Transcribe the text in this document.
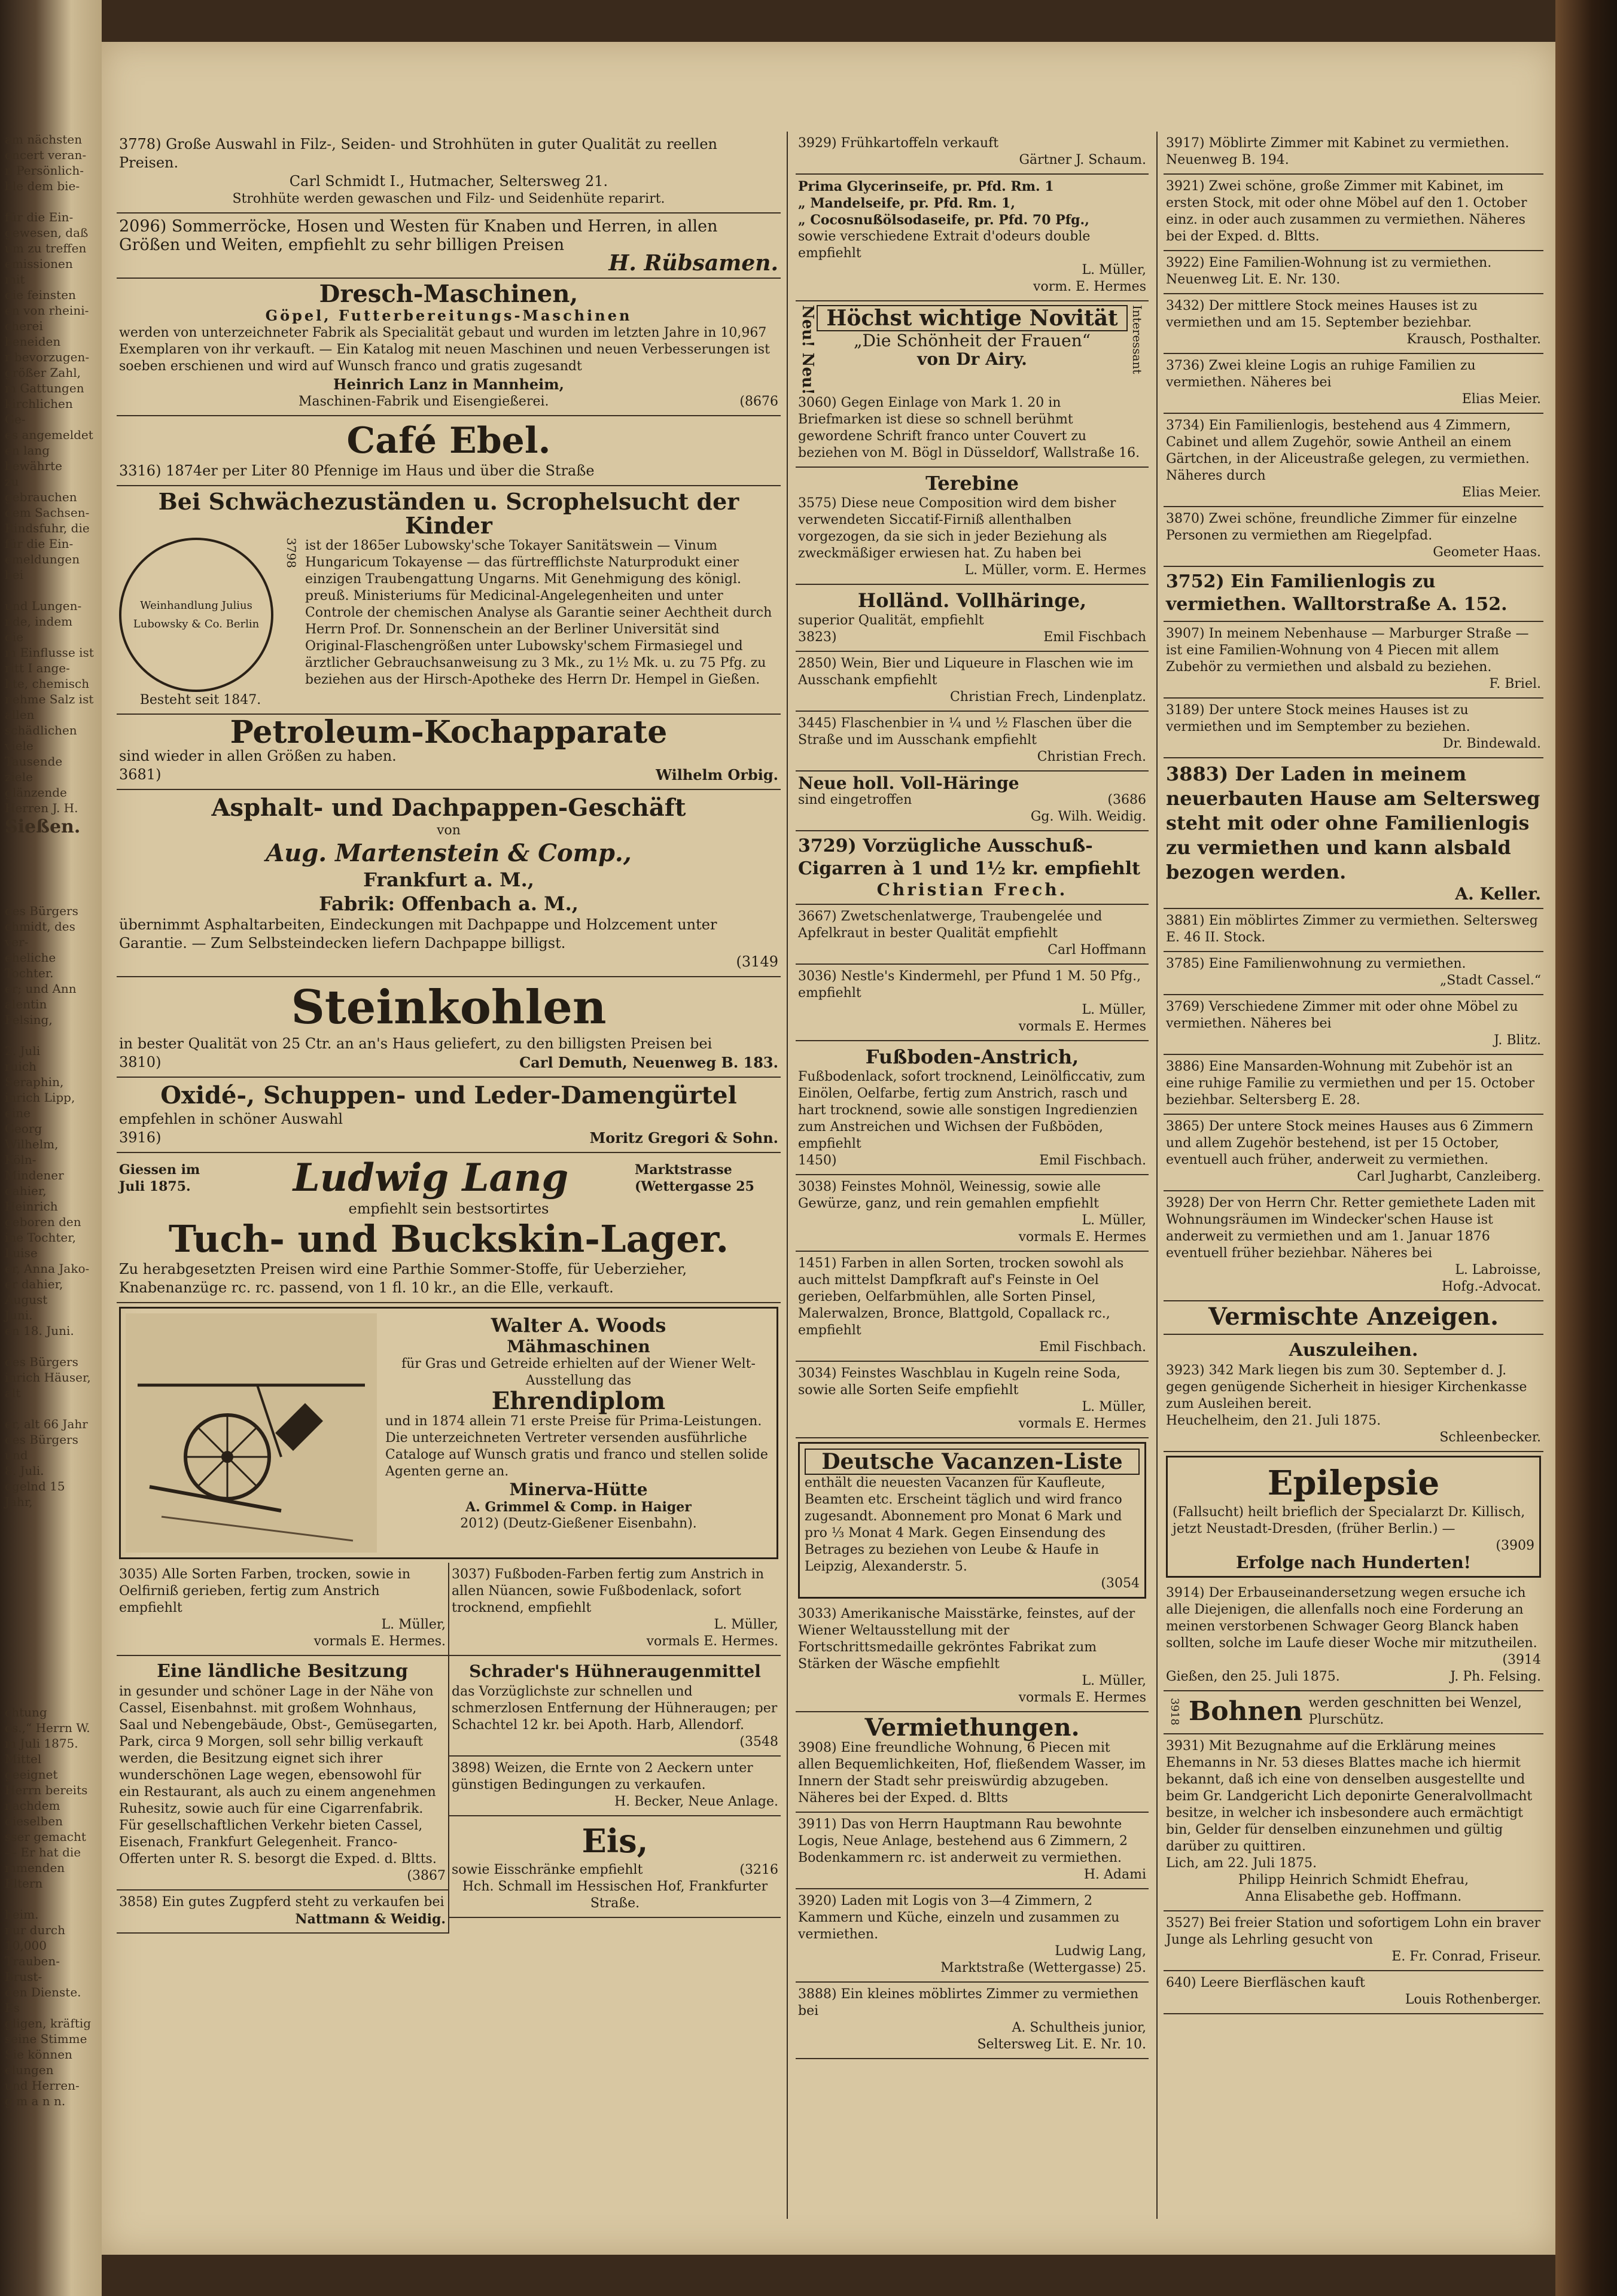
am nächsten
oncert veran-
n Persönlich-
ble dem bie-

für die Ein-
gewesen, daß
um zu treffen
emissionen mit
die feinsten
en von rheini-
cherei beneiden
r bevorzugen-
größer Zahl,
m Gattungen
kirchlichen Ge-
es angemeldet
en lang bewährte
zu gebrauchen
dem Sachsen-
Rindsfuhr, die
für die Ein-
emeldungen bei

und Lungen-
nde, indem die
m Einflusse ist
ritt I ange-
hte, chemisch
nehme Salz ist
allen schädlichen
viele Tausende
ziele glänzende
Herren J. H.
Sießen.
des Bürgers
chmidt, des ver-
eheliche Tochter.
er; und Ann
alentin Felsing,

2. Juli
ruich Seraphin,
inrich Lipp, eine
Georg Wilhelm,
Köln-Mindener
dahier, Heinrich
geboren den
ine Tochter, Luise
er, Anna Jako-
er dahier, August
Juni.
en 18. Juni.

des Bürgers
inrich Häuser, alt

er, alt 66 Jahr
des Bürgers und
8. Juli.
ogelnd 15 Jahr,
chtung
os.,“ Herrn W.
m Juli 1875.
Mittel geeignet
Herrn bereits
nachdem dieselben
sser gemacht
— Er hat die
mmenden Eltern

heim.
nur durch 10,000
Trauben-Brust-
den Dienste. Es
gligen, kräftig
seine Stimme
Sie können
elungen
und Herren-
g m a n n.

3778) Große Auswahl in Filz-, Seiden- und Strohhüten in guter Qualität zu reellen Preisen.

Carl Schmidt I., Hutmacher, Seltersweg 21.

Strohhüte werden gewaschen und Filz- und Seidenhüte reparirt.

2096) Sommerröcke, Hosen und Westen für Knaben und Herren, in allen Größen und Weiten, empfiehlt zu sehr billigen Preisen

H. Rübsamen.

Dresch-Maschinen,
Göpel, Futterbereitungs-Maschinen

werden von unterzeichneter Fabrik als Specialität gebaut und wurden im letzten Jahre in 10,967 Exemplaren von ihr verkauft. — Ein Katalog mit neuen Maschinen und neuen Verbesserungen ist soeben erschienen und wird auf Wunsch franco und gratis zugesandt

Heinrich Lanz in Mannheim,

Maschinen-Fabrik und Eisengießerei.	(8676
Café Ebel.

3316) 1874er per Liter 80 Pfennige im Haus und über die Straße

Bei Schwächezuständen u. Scrophelsucht der Kinder
Weinhandlung Julius Lubowsky & Co. Berlin
Besteht seit 1847.
3798 ist der 1865er Lubowsky'sche Tokayer Sanitätswein — Vinum Hungaricum Tokayense — das fürtrefflichste Naturprodukt einer einzigen Traubengattung Ungarns. Mit Genehmigung des königl. preuß. Ministeriums für Medicinal-Angelegenheiten und unter Controle der chemischen Analyse als Garantie seiner Aechtheit durch Herrn Prof. Dr. Sonnenschein an der Berliner Universität sind Original-Flaschengrößen unter Lubowsky'schem Firmasiegel und ärztlicher Gebrauchsanweisung zu 3 Mk., zu 1½ Mk. u. zu 75 Pfg. zu beziehen aus der Hirsch-Apotheke des Herrn Dr. Hempel in Gießen.

Petroleum-Kochapparate

sind wieder in allen Größen zu haben.

3681)	Wilhelm Orbig.
Asphalt- und Dachpappen-Geschäft
von
Aug. Martenstein & Comp.,
Frankfurt a. M.,
Fabrik: Offenbach a. M.,

übernimmt Asphaltarbeiten, Eindeckungen mit Dachpappe und Holzcement unter Garantie. — Zum Selbsteindecken liefern Dachpappe billigst.

(3149

Steinkohlen

in bester Qualität von 25 Ctr. an an's Haus geliefert, zu den billigsten Preisen bei

3810)	Carl Demuth, Neuenweg B. 183.
Oxidé-, Schuppen- und Leder-Damengürtel

empfehlen in schöner Auswahl

3916)	Moritz Gregori & Sohn.
Giessen im Juli 1875.	Ludwig Lang	Marktstrasse (Wettergasse 25

empfiehlt sein bestsortirtes

Tuch- und Buckskin-Lager.

Zu herabgesetzten Preisen wird eine Parthie Sommer-Stoffe, für Ueberzieher, Knabenanzüge rc. rc. passend, von 1 fl. 10 kr., an die Elle, verkauft.

Walter A. Woods
Mähmaschinen

für Gras und Getreide erhielten auf der Wiener Welt-Ausstellung das

Ehrendiplom

und in 1874 allein 71 erste Preise für Prima-Leistungen.

Die unterzeichneten Vertreter versenden ausführliche Cataloge auf Wunsch gratis und franco und stellen solide Agenten gerne an.

Minerva-Hütte

A. Grimmel & Comp. in Haiger

2012) (Deutz-Gießener Eisenbahn).

3035) Alle Sorten Farben, trocken, sowie in Oelfirniß gerieben, fertig zum Anstrich empfiehlt

L. Müller,

vormals E. Hermes.

Eine ländliche Besitzung

in gesunder und schöner Lage in der Nähe von Cassel, Eisenbahnst. mit großem Wohnhaus, Saal und Nebengebäude, Obst-, Gemüsegarten, Park, circa 9 Morgen, soll sehr billig verkauft werden, die Besitzung eignet sich ihrer wunderschönen Lage wegen, ebensowohl für ein Restaurant, als auch zu einem angenehmen Ruhesitz, sowie auch für eine Cigarrenfabrik. Für gesellschaftlichen Verkehr bieten Cassel, Eisenach, Frankfurt Gelegenheit. Franco-Offerten unter R. S. besorgt die Exped. d. Bltts.

(3867

3858) Ein gutes Zugpferd steht zu verkaufen bei

Nattmann & Weidig.

3037) Fußboden-Farben fertig zum Anstrich in allen Nüancen, sowie Fußbodenlack, sofort trocknend, empfiehlt

L. Müller,

vormals E. Hermes.

Schrader's Hühneraugenmittel

das Vorzüglichste zur schnellen und schmerzlosen Entfernung der Hühneraugen; per Schachtel 12 kr. bei Apoth. Harb, Allendorf.

(3548

3898) Weizen, die Ernte von 2 Aeckern unter günstigen Bedingungen zu verkaufen.

H. Becker, Neue Anlage.

Eis,
sowie Eisschränke empfiehlt	(3216

Hch. Schmall im Hessischen Hof, Frankfurter Straße.

3929) Frühkartoffeln verkauft

Gärtner J. Schaum.

Prima Glycerinseife, pr. Pfd. Rm. 1

„ Mandelseife, pr. Pfd. Rm. 1,

„ Cocosnußölsodaseife, pr. Pfd. 70 Pfg.,

sowie verschiedene Extrait d'odeurs double empfiehlt

L. Müller,

vorm. E. Hermes

Neu! Neu! Höchst wichtige Novität
„Die Schönheit der Frauen“
von Dr Airy.	Interessant

3060) Gegen Einlage von Mark 1. 20 in Briefmarken ist diese so schnell berühmt gewordene Schrift franco unter Couvert zu beziehen von M. Bögl in Düsseldorf, Wallstraße 16.

Terebine

3575) Diese neue Composition wird dem bisher verwendeten Siccatif-Firniß allenthalben vorgezogen, da sie sich in jeder Beziehung als zweckmäßiger erwiesen hat. Zu haben bei

L. Müller, vorm. E. Hermes

Holländ. Vollhäringe,

superior Qualität, empfiehlt

3823)	Emil Fischbach

2850) Wein, Bier und Liqueure in Flaschen wie im Ausschank empfiehlt

Christian Frech, Lindenplatz.

3445) Flaschenbier in ¼ und ½ Flaschen über die Straße und im Ausschank empfiehlt

Christian Frech.

Neue holl. Voll-Häringe
sind eingetroffen	(3686

Gg. Wilh. Weidig.

3729) Vorzügliche Ausschuß-Cigarren à 1 und 1½ kr. empfiehlt

Christian Frech.

3667) Zwetschenlatwerge, Traubengelée und Apfelkraut in bester Qualität empfiehlt

Carl Hoffmann

3036) Nestle's Kindermehl, per Pfund 1 M. 50 Pfg., empfiehlt

L. Müller,

vormals E. Hermes

Fußboden-Anstrich,

Fußbodenlack, sofort trocknend, Leinölficcativ, zum Einölen, Oelfarbe, fertig zum Anstrich, rasch und hart trocknend, sowie alle sonstigen Ingredienzien zum Anstreichen und Wichsen der Fußböden, empfiehlt

1450)	Emil Fischbach.

3038) Feinstes Mohnöl, Weinessig, sowie alle Gewürze, ganz, und rein gemahlen empfiehlt

L. Müller,

vormals E. Hermes

1451) Farben in allen Sorten, trocken sowohl als auch mittelst Dampfkraft auf's Feinste in Oel gerieben, Oelfarbmühlen, alle Sorten Pinsel, Malerwalzen, Bronce, Blattgold, Copallack rc., empfiehlt

Emil Fischbach.

3034) Feinstes Waschblau in Kugeln reine Soda, sowie alle Sorten Seife empfiehlt

L. Müller,

vormals E. Hermes

Deutsche Vacanzen-Liste

enthält die neuesten Vacanzen für Kaufleute, Beamten etc. Erscheint täglich und wird franco zugesandt. Abonnement pro Monat 6 Mark und pro ⅓ Monat 4 Mark. Gegen Einsendung des Betrages zu beziehen von Leube & Haufe in Leipzig, Alexanderstr. 5.

(3054

3033) Amerikanische Maisstärke, feinstes, auf der Wiener Weltausstellung mit der Fortschrittsmedaille gekröntes Fabrikat zum Stärken der Wäsche empfiehlt

L. Müller,

vormals E. Hermes

Vermiethungen.

3908) Eine freundliche Wohnung, 6 Piecen mit allen Bequemlichkeiten, Hof, fließendem Wasser, im Innern der Stadt sehr preiswürdig abzugeben. Näheres bei der Exped. d. Bltts

3911) Das von Herrn Hauptmann Rau bewohnte Logis, Neue Anlage, bestehend aus 6 Zimmern, 2 Bodenkammern rc. ist anderweit zu vermiethen.

H. Adami

3920) Laden mit Logis von 3—4 Zimmern, 2 Kammern und Küche, einzeln und zusammen zu vermiethen.

Ludwig Lang,

Marktstraße (Wettergasse) 25.

3888) Ein kleines möblirtes Zimmer zu vermiethen bei

A. Schultheis junior,

Seltersweg Lit. E. Nr. 10.

3917) Möblirte Zimmer mit Kabinet zu vermiethen. Neuenweg B. 194.

3921) Zwei schöne, große Zimmer mit Kabinet, im ersten Stock, mit oder ohne Möbel auf den 1. October einz. in oder auch zusammen zu vermiethen. Näheres bei der Exped. d. Bltts.

3922) Eine Familien-Wohnung ist zu vermiethen. Neuenweg Lit. E. Nr. 130.

3432) Der mittlere Stock meines Hauses ist zu vermiethen und am 15. September beziehbar.

Krausch, Posthalter.

3736) Zwei kleine Logis an ruhige Familien zu vermiethen. Näheres bei

Elias Meier.

3734) Ein Familienlogis, bestehend aus 4 Zimmern, Cabinet und allem Zugehör, sowie Antheil an einem Gärtchen, in der Aliceustraße gelegen, zu vermiethen. Näheres durch

Elias Meier.

3870) Zwei schöne, freundliche Zimmer für einzelne Personen zu vermiethen am Riegelpfad.

Geometer Haas.

3752) Ein Familienlogis zu vermiethen. Walltorstraße A. 152.

3907) In meinem Nebenhause — Marburger Straße — ist eine Familien-Wohnung von 4 Piecen mit allem Zubehör zu vermiethen und alsbald zu beziehen.

F. Briel.

3189) Der untere Stock meines Hauses ist zu vermiethen und im Semptember zu beziehen.

Dr. Bindewald.

3883) Der Laden in meinem neuerbauten Hause am Seltersweg steht mit oder ohne Familienlogis zu vermiethen und kann alsbald bezogen werden.

A. Keller.

3881) Ein möblirtes Zimmer zu vermiethen. Seltersweg E. 46 II. Stock.

3785) Eine Familienwohnung zu vermiethen.

„Stadt Cassel.“

3769) Verschiedene Zimmer mit oder ohne Möbel zu vermiethen. Näheres bei

J. Blitz.

3886) Eine Mansarden-Wohnung mit Zubehör ist an eine ruhige Familie zu vermiethen und per 15. October beziehbar. Seltersberg E. 28.

3865) Der untere Stock meines Hauses aus 6 Zimmern und allem Zugehör bestehend, ist per 15 October, eventuell auch früher, anderweit zu vermiethen.

Carl Jugharbt, Canzleiberg.

3928) Der von Herrn Chr. Retter gemiethete Laden mit Wohnungsräumen im Windecker'schen Hause ist anderweit zu vermiethen und am 1. Januar 1876 eventuell früher beziehbar. Näheres bei

L. Labroisse,

Hofg.-Advocat.

Vermischte Anzeigen.
Auszuleihen.

3923) 342 Mark liegen bis zum 30. September d. J. gegen genügende Sicherheit in hiesiger Kirchenkasse zum Ausleihen bereit.

Heuchelheim, den 21. Juli 1875.

Schleenbecker.

Epilepsie

(Fallsucht) heilt brieflich der Specialarzt Dr. Killisch, jetzt Neustadt-Dresden, (früher Berlin.) —

(3909

Erfolge nach Hunderten!

3914) Der Erbauseinandersetzung wegen ersuche ich alle Diejenigen, die allenfalls noch eine Forderung an meinen verstorbenen Schwager Georg Blanck haben sollten, solche im Laufe dieser Woche mir mitzutheilen.

(3914

Gießen, den 25. Juli 1875.	J. Ph. Felsing.
3918 Bohnen werden geschnitten bei Wenzel, Plurschütz.

3931) Mit Bezugnahme auf die Erklärung meines Ehemanns in Nr. 53 dieses Blattes mache ich hiermit bekannt, daß ich eine von denselben ausgestellte und beim Gr. Landgericht Lich deponirte Generalvollmacht besitze, in welcher ich insbesondere auch ermächtigt bin, Gelder für denselben einzunehmen und gültig darüber zu quittiren.

Lich, am 22. Juli 1875.

Philipp Heinrich Schmidt Ehefrau,

Anna Elisabethe geb. Hoffmann.

3527) Bei freier Station und sofortigem Lohn ein braver Junge als Lehrling gesucht von

E. Fr. Conrad, Friseur.

640) Leere Bierfläschen kauft

Louis Rothenberger.
